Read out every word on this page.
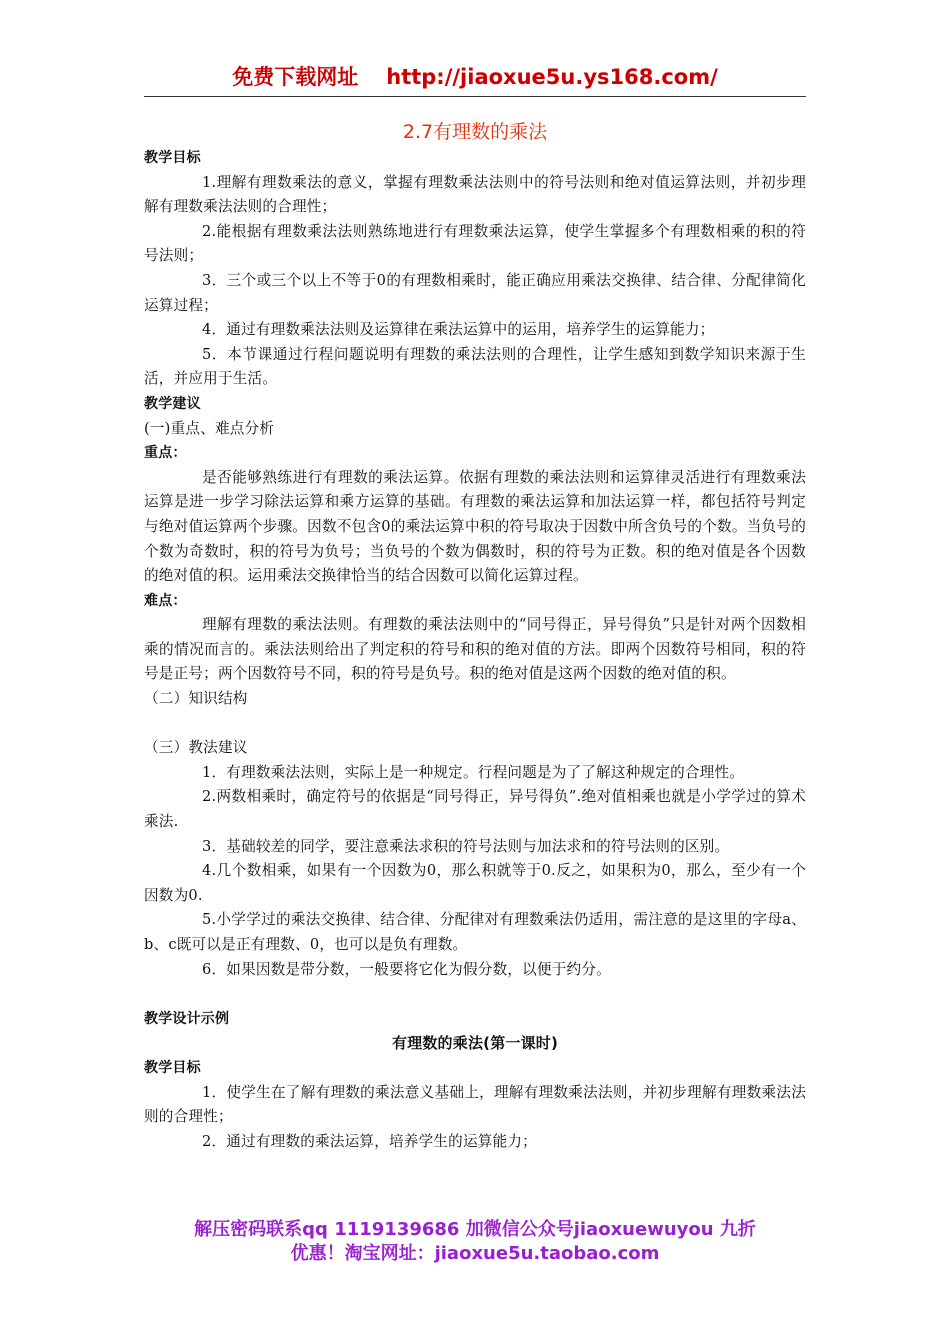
免费下载网址 http://jiaoxue5u.ys168.com/
2.7有理数的乘法

教学目标

1.理解有理数乘法的意义，掌握有理数乘法法则中的符号法则和绝对值运算法则，并初步理解有理数乘法法则的合理性；

2.能根据有理数乘法法则熟练地进行有理数乘法运算，使学生掌握多个有理数相乘的积的符号法则；

3．三个或三个以上不等于0的有理数相乘时，能正确应用乘法交换律、结合律、分配律简化运算过程；

4．通过有理数乘法法则及运算律在乘法运算中的运用，培养学生的运算能力；

5．本节课通过行程问题说明有理数的乘法法则的合理性，让学生感知到数学知识来源于生活，并应用于生活。

教学建议

(一)重点、难点分析

重点：

是否能够熟练进行有理数的乘法运算。依据有理数的乘法法则和运算律灵活进行有理数乘法运算是进一步学习除法运算和乘方运算的基础。有理数的乘法运算和加法运算一样，都包括符号判定与绝对值运算两个步骤。因数不包含0的乘法运算中积的符号取决于因数中所含负号的个数。当负号的个数为奇数时，积的符号为负号；当负号的个数为偶数时，积的符号为正数。积的绝对值是各个因数的绝对值的积。运用乘法交换律恰当的结合因数可以简化运算过程。

难点：

理解有理数的乘法法则。有理数的乘法法则中的“同号得正，异号得负”只是针对两个因数相乘的情况而言的。乘法法则给出了判定积的符号和积的绝对值的方法。即两个因数符号相同，积的符号是正号；两个因数符号不同，积的符号是负号。积的绝对值是这两个因数的绝对值的积。

（二）知识结构

（三）教法建议

1．有理数乘法法则，实际上是一种规定。行程问题是为了了解这种规定的合理性。

2.两数相乘时，确定符号的依据是“同号得正，异号得负”.绝对值相乘也就是小学学过的算术乘法.

3．基础较差的同学，要注意乘法求积的符号法则与加法求和的符号法则的区别。

4.几个数相乘，如果有一个因数为0，那么积就等于0.反之，如果积为0，那么，至少有一个因数为0.

5.小学学过的乘法交换律、结合律、分配律对有理数乘法仍适用，需注意的是这里的字母a、b、c既可以是正有理数、0，也可以是负有理数。

6．如果因数是带分数，一般要将它化为假分数，以便于约分。

教学设计示例

有理数的乘法(第一课时)

教学目标

1．使学生在了解有理数的乘法意义基础上，理解有理数乘法法则，并初步理解有理数乘法法则的合理性；

2．通过有理数的乘法运算，培养学生的运算能力；

解压密码联系qq 1119139686 加微信公众号jiaoxuewuyou 九折
优惠！淘宝网址：jiaoxue5u.taobao.com
